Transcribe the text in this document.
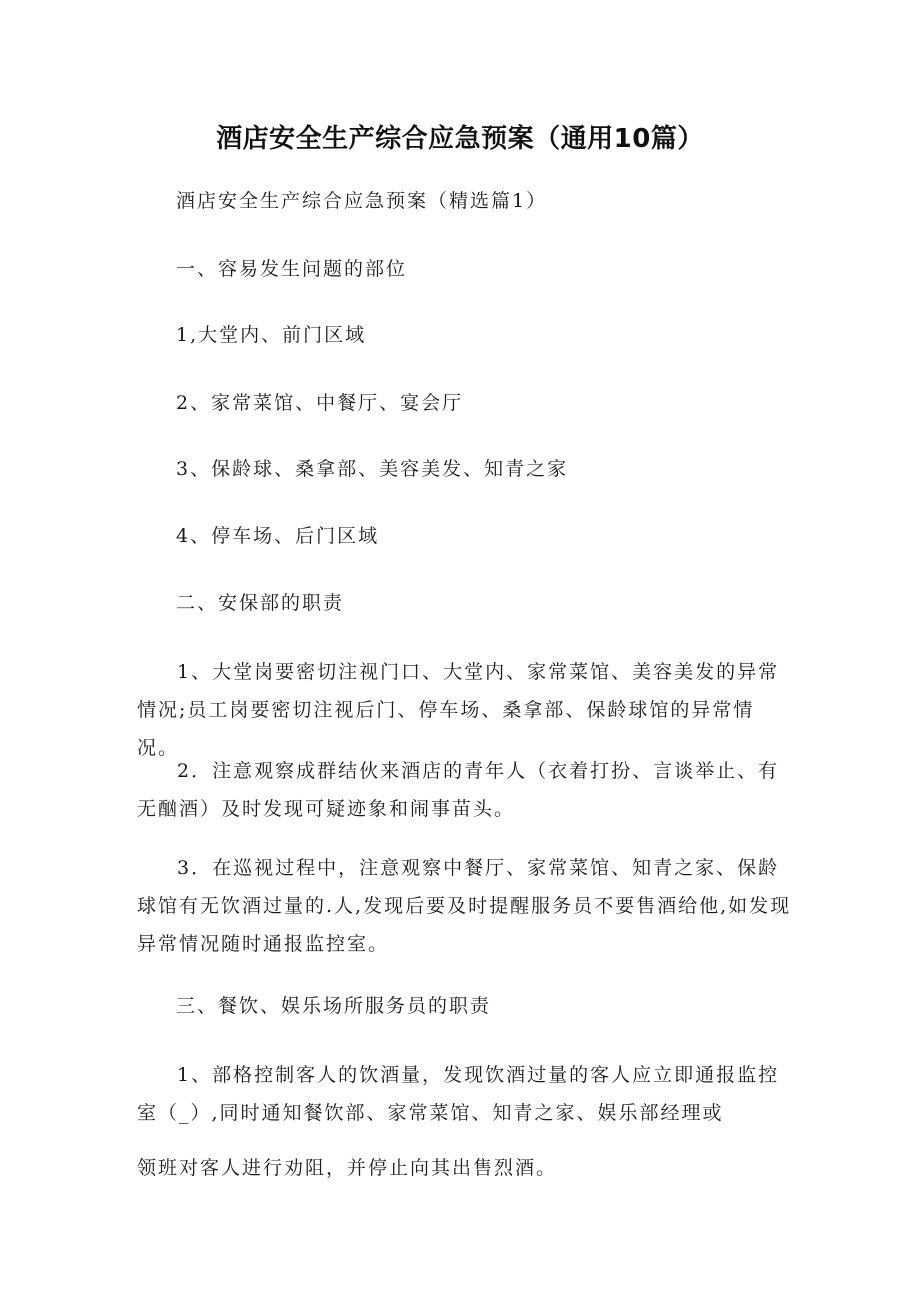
酒店安全生产综合应急预案（通用10篇）
酒店安全生产综合应急预案（精选篇1）
一、容易发生问题的部位
1,大堂内、前门区域
2、家常菜馆、中餐厅、宴会厅
3、保龄球、桑拿部、美容美发、知青之家
4、停车场、后门区域
二、安保部的职责
1、大堂岗要密切注视门口、大堂内、家常菜馆、美容美发的异常情况;员工岗要密切注视后门、停车场、桑拿部、保龄球馆的异常情况。
2．注意观察成群结伙来酒店的青年人（衣着打扮、言谈举止、有无酗酒）及时发现可疑迹象和闹事苗头。
3．在巡视过程中，注意观察中餐厅、家常菜馆、知青之家、保龄球馆有无饮酒过量的.人,发现后要及时提醒服务员不要售酒给他,如发现异常情况随时通报监控室。
三、餐饮、娱乐场所服务员的职责
1、部格控制客人的饮酒量，发现饮酒过量的客人应立即通报监控室（_）,同时通知餐饮部、家常菜馆、知青之家、娱乐部经理或
领班对客人进行劝阻，并停止向其出售烈酒。
